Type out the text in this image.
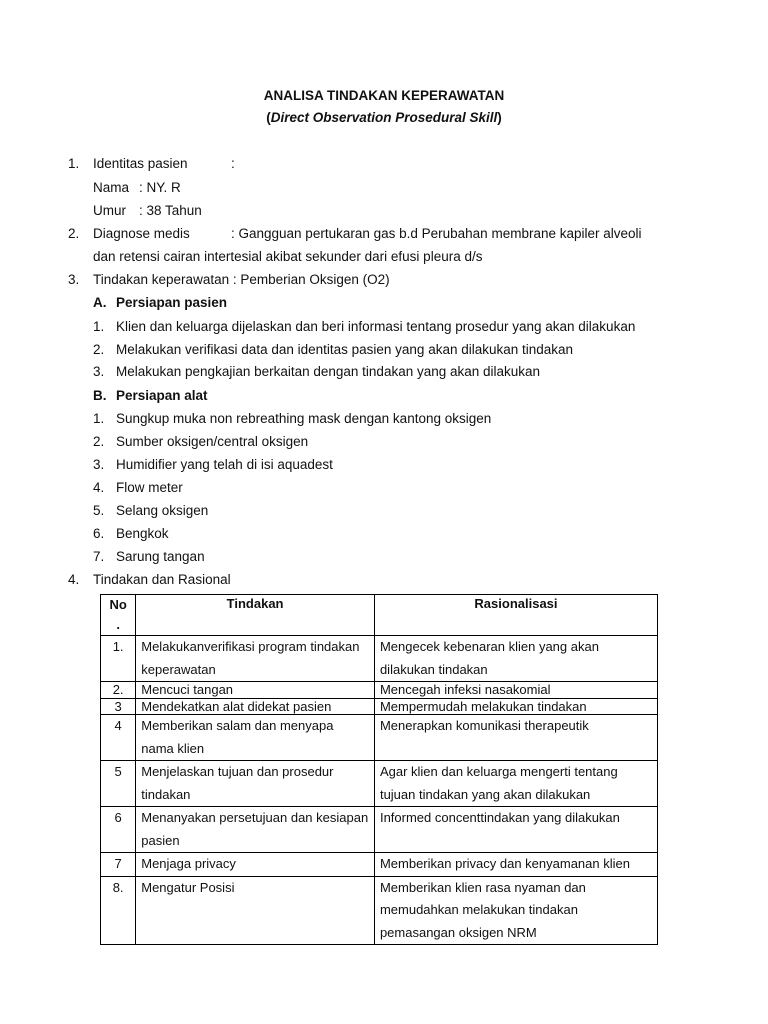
ANALISA TINDAKAN KEPERAWATAN
(Direct Observation Prosedural Skill)
1. Identitas pasien	:
Nama : NY. R
Umur : 38 Tahun
2. Diagnose medis	: Gangguan pertukaran gas b.d Perubahan membrane kapiler alveoli
dan retensi cairan intertesial akibat sekunder dari efusi pleura d/s
3. Tindakan keperawatan : Pemberian Oksigen (O2)
A. Persiapan pasien
1. Klien dan keluarga dijelaskan dan beri informasi tentang prosedur yang akan dilakukan
2. Melakukan verifikasi data dan identitas pasien yang akan dilakukan tindakan
3. Melakukan pengkajian berkaitan dengan tindakan yang akan dilakukan
B. Persiapan alat
1. Sungkup muka non rebreathing mask dengan kantong oksigen
2. Sumber oksigen/central oksigen
3. Humidifier yang telah di isi aquadest
4. Flow meter
5. Selang oksigen
6. Bengkok
7. Sarung tangan
4. Tindakan dan Rasional
No
.	Tindakan	Rasionalisasi
1.	Melakukanverifikasi program tindakan keperawatan	Mengecek kebenaran klien yang akan dilakukan tindakan
2.	Mencuci tangan	Mencegah infeksi nasakomial
3	Mendekatkan alat didekat pasien	Mempermudah melakukan tindakan
4	Memberikan salam dan menyapa nama klien	Menerapkan komunikasi therapeutik
5	Menjelaskan tujuan dan prosedur tindakan	Agar klien dan keluarga mengerti tentang tujuan tindakan yang akan dilakukan
6	Menanyakan persetujuan dan kesiapan pasien	Informed concenttindakan yang dilakukan
7	Menjaga privacy	Memberikan privacy dan kenyamanan klien
8.	Mengatur Posisi	Memberikan klien rasa nyaman dan memudahkan melakukan tindakan pemasangan oksigen NRM
